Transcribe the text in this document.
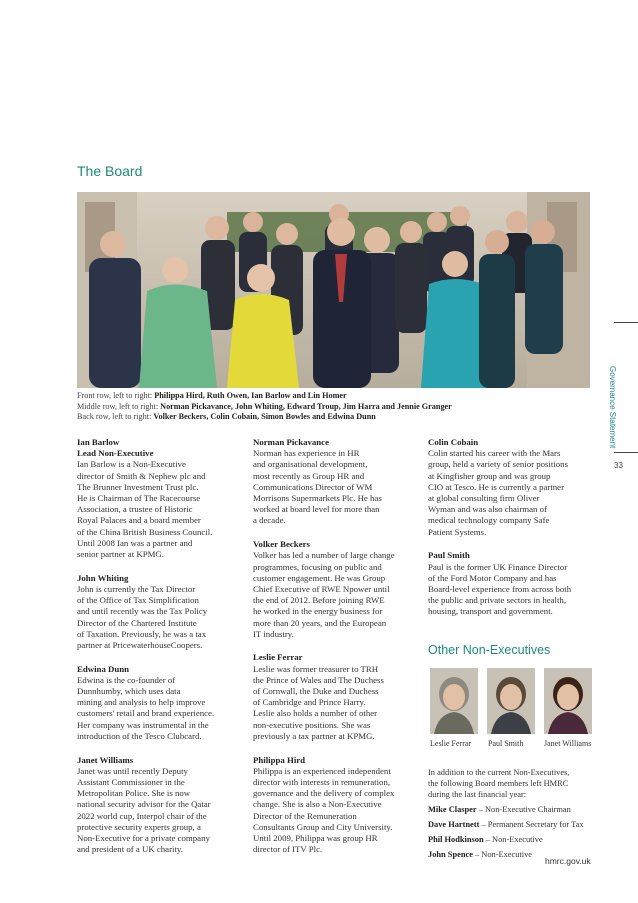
The Board
Front row, left to right: Philippa Hird, Ruth Owen, Ian Barlow and Lin Homer
Middle row, left to right: Norman Pickavance, John Whiting, Edward Troup, Jim Harra and Jennie Granger
Back row, left to right: Volker Beckers, Colin Cobain, Simon Bowles and Edwina Dunn	Governance Statement
33
Ian Barlow
Lead Non-Executive

Ian Barlow is a Non-Executive
director of Smith & Nephew plc and
The Brunner Investment Trust plc.
He is Chairman of The Racecourse
Association, a trustee of Historic
Royal Palaces and a board member
of the China British Business Council.
Until 2008 Ian was a partner and
senior partner at KPMG.

John Whiting

John is currently the Tax Director
of the Office of Tax Simplification
and until recently was the Tax Policy
Director of the Chartered Institute
of Taxation. Previously, he was a tax
partner at PricewaterhouseCoopers.

Edwina Dunn

Edwina is the co-founder of
Dunnhumby, which uses data
mining and analysis to help improve
customers' retail and brand experience.
Her company was instrumental in the
introduction of the Tesco Clubcard.

Janet Williams

Janet was until recently Deputy
Assistant Commissioner in the
Metropolitan Police. She is now
national security advisor for the Qatar
2022 world cup, Interpol chair of the
protective security experts group, a
Non-Executive for a private company
and president of a UK charity.

Norman Pickavance

Norman has experience in HR
and organisational development,
most recently as Group HR and
Communications Director of WM
Morrisons Supermarkets Plc. He has
worked at board level for more than
a decade.

Volker Beckers

Volker has led a number of large change
programmes, focusing on public and
customer engagement. He was Group
Chief Executive of RWE Npower until
the end of 2012. Before joining RWE
he worked in the energy business for
more than 20 years, and the European
IT industry.

Leslie Ferrar

Leslie was former treasurer to TRH
the Prince of Wales and The Duchess
of Cornwall, the Duke and Duchess
of Cambridge and Prince Harry.
Leslie also holds a number of other
non-executive positions. She was
previously a tax partner at KPMG.

Philippa Hird

Philippa is an experienced independent
director with interests in remuneration,
governance and the delivery of complex
change. She is also a Non-Executive
Director of the Remuneration
Consultants Group and City University.
Until 2009, Philippa was group HR
director of ITV Plc.

Colin Cobain

Colin started his career with the Mars
group, held a variety of senior positions
at Kingfisher group and was group
CIO at Tesco. He is currently a partner
at global consulting firm Oliver
Wyman and was also chairman of
medical technology company Safe
Patient Systems.

Paul Smith

Paul is the former UK Finance Director
of the Ford Motor Company and has
Board-level experience from across both
the public and private sectors in health,
housing, transport and government.

Other Non-Executives
Leslie Ferrar Paul Smith	Janet Williams

In addition to the current Non-Executives,
the following Board members left HMRC
during the last financial year:

Mike Clasper – Non-Executive Chairman
Dave Hartnett – Permanent Secretary for Tax
Phil Hodkinson – Non-Executive
John Spence – Non-Executive
hmrc.gov.uk
